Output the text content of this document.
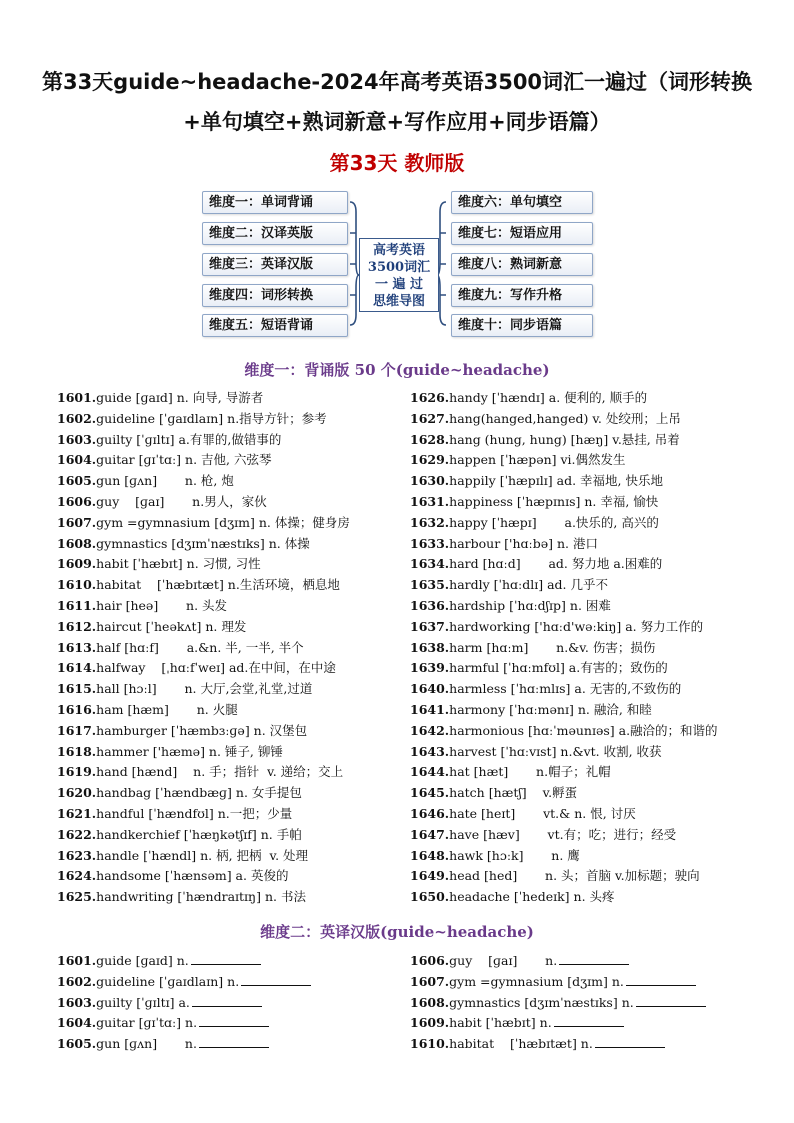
第33天guide~headache-2024年高考英语3500词汇一遍过（词形转换+单句填空+熟词新意+写作应用+同步语篇）
第33天 教师版
维度一：单词背诵
维度二：汉译英版
维度三：英译汉版
维度四：词形转换
维度五：短语背诵
高考英语
3500词汇
一 遍 过
思维导图
维度六：单句填空
维度七：短语应用
维度八：熟词新意
维度九：写作升格
维度十：同步语篇
维度一：背诵版 50 个(guide~headache)
1601.guide [ɡaɪd] n. 向导, 导游者
1602.guideline [ˈɡaɪdlaɪn] n.指导方针；参考
1603.guilty [ˈɡɪltɪ] a.有罪的,做错事的
1604.guitar [ɡɪˈtɑː] n. 吉他, 六弦琴
1605.gun [ɡʌn]       n. 枪, 炮
1606.guy    [ɡaɪ]       n.男人，家伙
1607.gym =gymnasium [dʒɪm] n. 体操；健身房
1608.gymnastics [dʒɪmˈnæstɪks] n. 体操
1609.habit [ˈhæbɪt] n. 习惯, 习性
1610.habitat    [ˈhæbɪtæt] n.生活环境，栖息地
1611.hair [heə]       n. 头发
1612.haircut [ˈheəkʌt] n. 理发
1613.half [hɑːf]       a.&n. 半, 一半, 半个
1614.halfway    [ˌhɑːfˈweɪ] ad.在中间，在中途
1615.hall [hɔːl]       n. 大厅,会堂,礼堂,过道
1616.ham [hæm]       n. 火腿
1617.hamburger [ˈhæmbɜːɡə] n. 汉堡包
1618.hammer ['hæmə] n. 锤子, 铆锤
1619.hand [hænd]    n. 手；指针  v. 递给；交上
1620.handbag [ˈhændbæɡ] n. 女手提包
1621.handful [ˈhændfʊl] n.一把；少量
1622.handkerchief [ˈhæŋkətʃɪf] n. 手帕
1623.handle [ˈhændl] n. 柄, 把柄  v. 处理
1624.handsome [ˈhænsəm] a. 英俊的
1625.handwriting [ˈhændraɪtɪŋ] n. 书法
1626.handy [ˈhændɪ] a. 便利的, 顺手的
1627.hang(hanged,hanged) v. 处绞刑；上吊
1628.hang (hung, hung) [hæŋ] v.悬挂, 吊着
1629.happen [ˈhæpən] vi.偶然发生
1630.happily [ˈhæpɪlɪ] ad. 幸福地, 快乐地
1631.happiness [ˈhæpɪnɪs] n. 幸福, 愉快
1632.happy [ˈhæpɪ]       a.快乐的, 高兴的
1633.harbour ['hɑːbə] n. 港口
1634.hard [hɑːd]       ad. 努力地 a.困难的
1635.hardly [ˈhɑːdlɪ] ad. 几乎不
1636.hardship [ˈhɑːdʃɪp] n. 困难
1637.hardworking ['hɑːd'wəːkiŋ] a. 努力工作的
1638.harm [hɑːm]       n.&v. 伤害；损伤
1639.harmful [ˈhɑːmfʊl] a.有害的；致伤的
1640.harmless [ˈhɑːmlɪs] a. 无害的,不致伤的
1641.harmony [ˈhɑːmənɪ] n. 融洽, 和睦
1642.harmonious [hɑːˈməunɪəs] a.融洽的；和谐的
1643.harvest [ˈhɑːvɪst] n.&vt. 收割, 收获
1644.hat [hæt]       n.帽子；礼帽
1645.hatch [hætʃ]    v.孵蛋
1646.hate [heɪt]       vt.& n. 恨, 讨厌
1647.have [hæv]       vt.有；吃；进行；经受
1648.hawk [hɔːk]       n. 鹰
1649.head [hed]       n. 头；首脑 v.加标题；驶向
1650.headache [ˈhedeɪk] n. 头疼
维度二：英译汉版(guide~headache)
1601.guide [ɡaɪd] n.
1602.guideline [ˈɡaɪdlaɪn] n.
1603.guilty [ˈɡɪltɪ] a.
1604.guitar [ɡɪˈtɑː] n.
1605.gun [ɡʌn]       n.
1606.guy    [ɡaɪ]       n.
1607.gym =gymnasium [dʒɪm] n.
1608.gymnastics [dʒɪmˈnæstɪks] n.
1609.habit [ˈhæbɪt] n.
1610.habitat    [ˈhæbɪtæt] n.
